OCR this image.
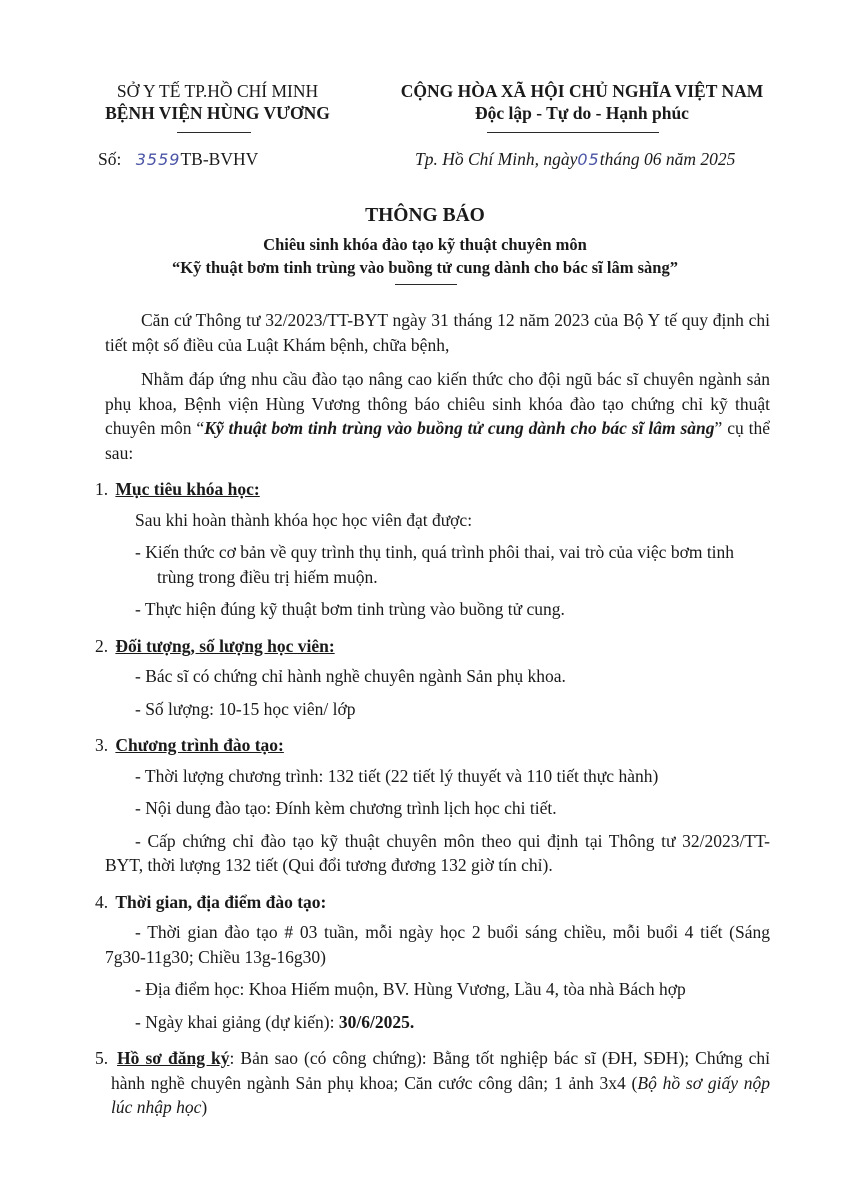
SỞ Y TẾ TP.HỒ CHÍ MINH
BỆNH VIỆN HÙNG VƯƠNG
CỘNG HÒA XÃ HỘI CHỦ NGHĨA VIỆT NAM
Độc lập - Tự do - Hạnh phúc
Số: 3559TB-BVHV	Tp. Hồ Chí Minh, ngày05tháng 06 năm 2025
THÔNG BÁO
Chiêu sinh khóa đào tạo kỹ thuật chuyên môn
“Kỹ thuật bơm tinh trùng vào buồng tử cung dành cho bác sĩ lâm sàng”

Căn cứ Thông tư 32/2023/TT-BYT ngày 31 tháng 12 năm 2023 của Bộ Y tế quy định chi tiết một số điều của Luật Khám bệnh, chữa bệnh,

Nhằm đáp ứng nhu cầu đào tạo nâng cao kiến thức cho đội ngũ bác sĩ chuyên ngành sản phụ khoa, Bệnh viện Hùng Vương thông báo chiêu sinh khóa đào tạo chứng chỉ kỹ thuật chuyên môn “Kỹ thuật bơm tinh trùng vào buồng tử cung dành cho bác sĩ lâm sàng” cụ thể sau:

1. Mục tiêu khóa học:
Sau khi hoàn thành khóa học học viên đạt được:
- Kiến thức cơ bản về quy trình thụ tinh, quá trình phôi thai, vai trò của việc bơm tinh trùng trong điều trị hiếm muộn.
- Thực hiện đúng kỹ thuật bơm tinh trùng vào buồng tử cung.
2. Đối tượng, số lượng học viên:
- Bác sĩ có chứng chỉ hành nghề chuyên ngành Sản phụ khoa.
- Số lượng: 10-15 học viên/ lớp
3. Chương trình đào tạo:
- Thời lượng chương trình: 132 tiết (22 tiết lý thuyết và 110 tiết thực hành)
- Nội dung đào tạo: Đính kèm chương trình lịch học chi tiết.
- Cấp chứng chỉ đào tạo kỹ thuật chuyên môn theo qui định tại Thông tư 32/2023/TT-BYT, thời lượng 132 tiết (Qui đổi tương đương 132 giờ tín chỉ).
4. Thời gian, địa điểm đào tạo:
- Thời gian đào tạo # 03 tuần, mỗi ngày học 2 buổi sáng chiều, mỗi buổi 4 tiết (Sáng 7g30-11g30; Chiều 13g-16g30)
- Địa điểm học: Khoa Hiếm muộn, BV. Hùng Vương, Lầu 4, tòa nhà Bách hợp
- Ngày khai giảng (dự kiến): 30/6/2025.
5. Hồ sơ đăng ký: Bản sao (có công chứng): Bằng tốt nghiệp bác sĩ (ĐH, SĐH); Chứng chỉ hành nghề chuyên ngành Sản phụ khoa; Căn cước công dân; 1 ảnh 3x4 (Bộ hồ sơ giấy nộp lúc nhập học)
